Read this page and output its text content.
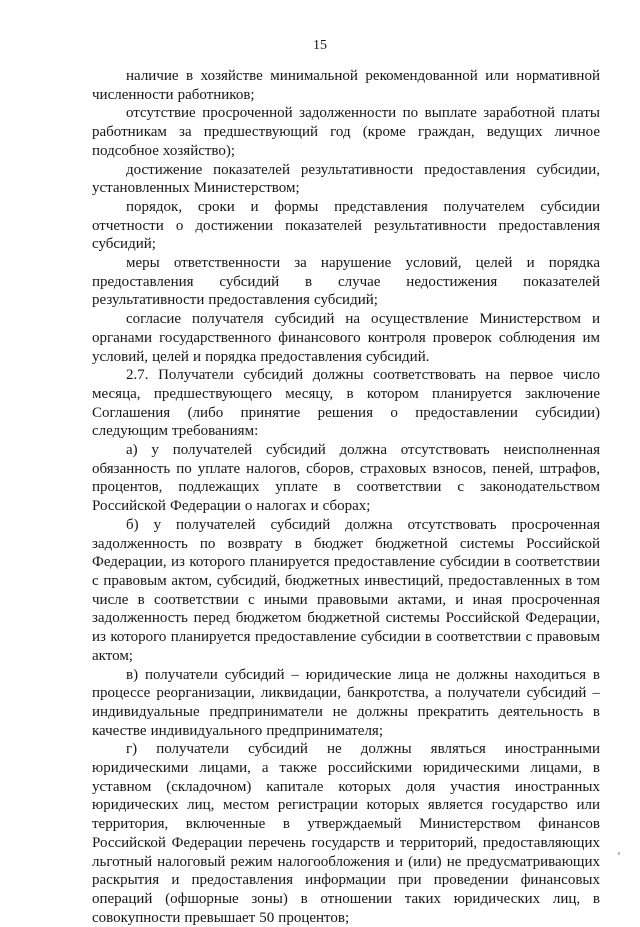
15

наличие в хозяйстве минимальной рекомендованной или нормативной численности работников;

отсутствие просроченной задолженности по выплате заработной платы работникам за предшествующий год (кроме граждан, ведущих личное подсобное хозяйство);

достижение показателей результативности предоставления субсидии, установленных Министерством;

порядок, сроки и формы представления получателем субсидии отчетности о достижении показателей результативности предоставления субсидий;

меры ответственности за нарушение условий, целей и порядка предоставления субсидий в случае недостижения показателей результативности предоставления субсидий;

согласие получателя субсидий на осуществление Министерством и органами государственного финансового контроля проверок соблюдения им условий, целей и порядка предоставления субсидий.

2.7. Получатели субсидий должны соответствовать на первое число месяца, предшествующего месяцу, в котором планируется заключение Соглашения (либо принятие решения о предоставлении субсидии) следующим требованиям:

а) у получателей субсидий должна отсутствовать неисполненная обязанность по уплате налогов, сборов, страховых взносов, пеней, штрафов, процентов, подлежащих уплате в соответствии с законодательством Российской Федерации о налогах и сборах;

б) у получателей субсидий должна отсутствовать просроченная задолженность по возврату в бюджет бюджетной системы Российской Федерации, из которого планируется предоставление субсидии в соответствии с правовым актом, субсидий, бюджетных инвестиций, предоставленных в том числе в соответствии с иными правовыми актами, и иная просроченная задолженность перед бюджетом бюджетной системы Российской Федерации, из которого планируется предоставление субсидии в соответствии с правовым актом;

в) получатели субсидий – юридические лица не должны находиться в процессе реорганизации, ликвидации, банкротства, а получатели субсидий – индивидуальные предприниматели не должны прекратить деятельность в качестве индивидуального предпринимателя;

г) получатели субсидий не должны являться иностранными юридическими лицами, а также российскими юридическими лицами, в уставном (складочном) капитале которых доля участия иностранных юридических лиц, местом регистрации которых является государство или территория, включенные в утверждаемый Министерством финансов Российской Федерации перечень государств и территорий, предоставляющих льготный налоговый режим налогообложения и (или) не предусматривающих раскрытия и предоставления информации при проведении финансовых операций (офшорные зоны) в отношении таких юридических лиц, в совокупности превышает 50 процентов;
